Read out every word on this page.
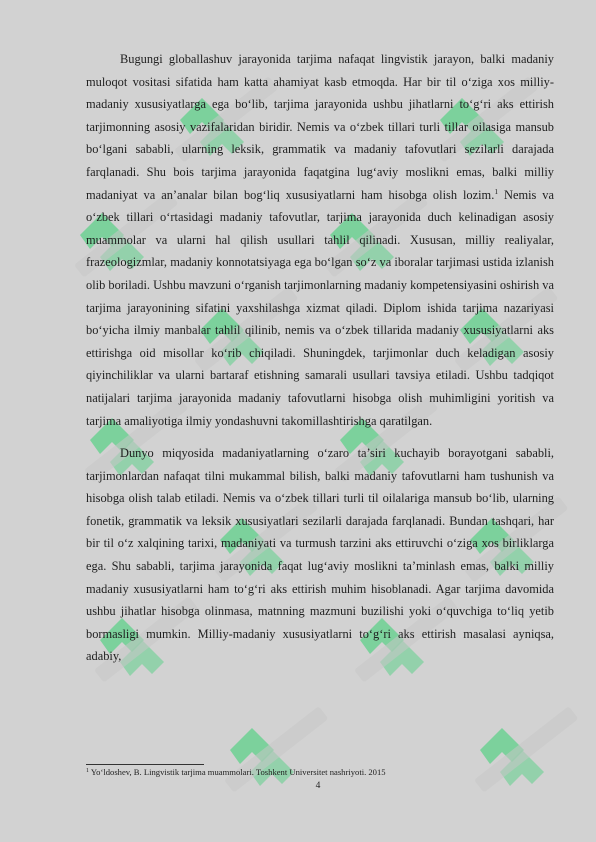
Bugungi globallashuv jarayonida tarjima nafaqat lingvistik jarayon, balki madaniy muloqot vositasi sifatida ham katta ahamiyat kasb etmoqda. Har bir til o‘ziga xos milliy-madaniy xususiyatlarga ega bo‘lib, tarjima jarayonida ushbu jihatlarni to‘g‘ri aks ettirish tarjimonning asosiy vazifalaridan biridir. Nemis va o‘zbek tillari turli tillar oilasiga mansub bo‘lgani sababli, ularning leksik, grammatik va madaniy tafovutlari sezilarli darajada farqlanadi. Shu bois tarjima jarayonida faqatgina lug‘aviy moslikni emas, balki milliy madaniyat va an’analar bilan bog‘liq xususiyatlarni ham hisobga olish lozim.$^1$ Nemis va o‘zbek tillari o‘rtasidagi madaniy tafovutlar, tarjima jarayonida duch kelinadigan asosiy muammolar va ularni hal qilish usullari tahlil qilinadi. Xususan, milliy realiyalar, frazeologizmlar, madaniy konnotatsiyaga ega bo‘lgan so‘z va iboralar tarjimasi ustida izlanish olib boriladi. Ushbu mavzuni o‘rganish tarjimonlarning madaniy kompetensiyasini oshirish va tarjima jarayonining sifatini yaxshilashga xizmat qiladi. Diplom ishida tarjima nazariyasi bo‘yicha ilmiy manbalar tahlil qilinib, nemis va o‘zbek tillarida madaniy xususiyatlarni aks ettirishga oid misollar ko‘rib chiqiladi. Shuningdek, tarjimonlar duch keladigan asosiy qiyinchiliklar va ularni bartaraf etishning samarali usullari tavsiya etiladi. Ushbu tadqiqot natijalari tarjima jarayonida madaniy tafovutlarni hisobga olish muhimligini yoritish va tarjima amaliyotiga ilmiy yondashuvni takomillashtirishga qaratilgan.

Dunyo miqyosida madaniyatlarning o‘zaro ta’siri kuchayib borayotgani sababli, tarjimonlardan nafaqat tilni mukammal bilish, balki madaniy tafovutlarni ham tushunish va hisobga olish talab etiladi. Nemis va o‘zbek tillari turli til oilalariga mansub bo‘lib, ularning fonetik, grammatik va leksik xususiyatlari sezilarli darajada farqlanadi. Bundan tashqari, har bir til o‘z xalqining tarixi, madaniyati va turmush tarzini aks ettiruvchi o‘ziga xos birliklarga ega. Shu sababli, tarjima jarayonida faqat lug‘aviy moslikni ta’minlash emas, balki milliy madaniy xususiyatlarni ham to‘g‘ri aks ettirish muhim hisoblanadi. Agar tarjima davomida ushbu jihatlar hisobga olinmasa, matnning mazmuni buzilishi yoki o‘quvchiga to‘liq yetib bormasligi mumkin. Milliy-madaniy xususiyatlarni to‘g‘ri aks ettirish masalasi ayniqsa, adabiy,

$^1$ Yo‘ldoshev, B. Lingvistik tarjima muammolari. Toshkent Universitet nashriyoti. 2015
4
